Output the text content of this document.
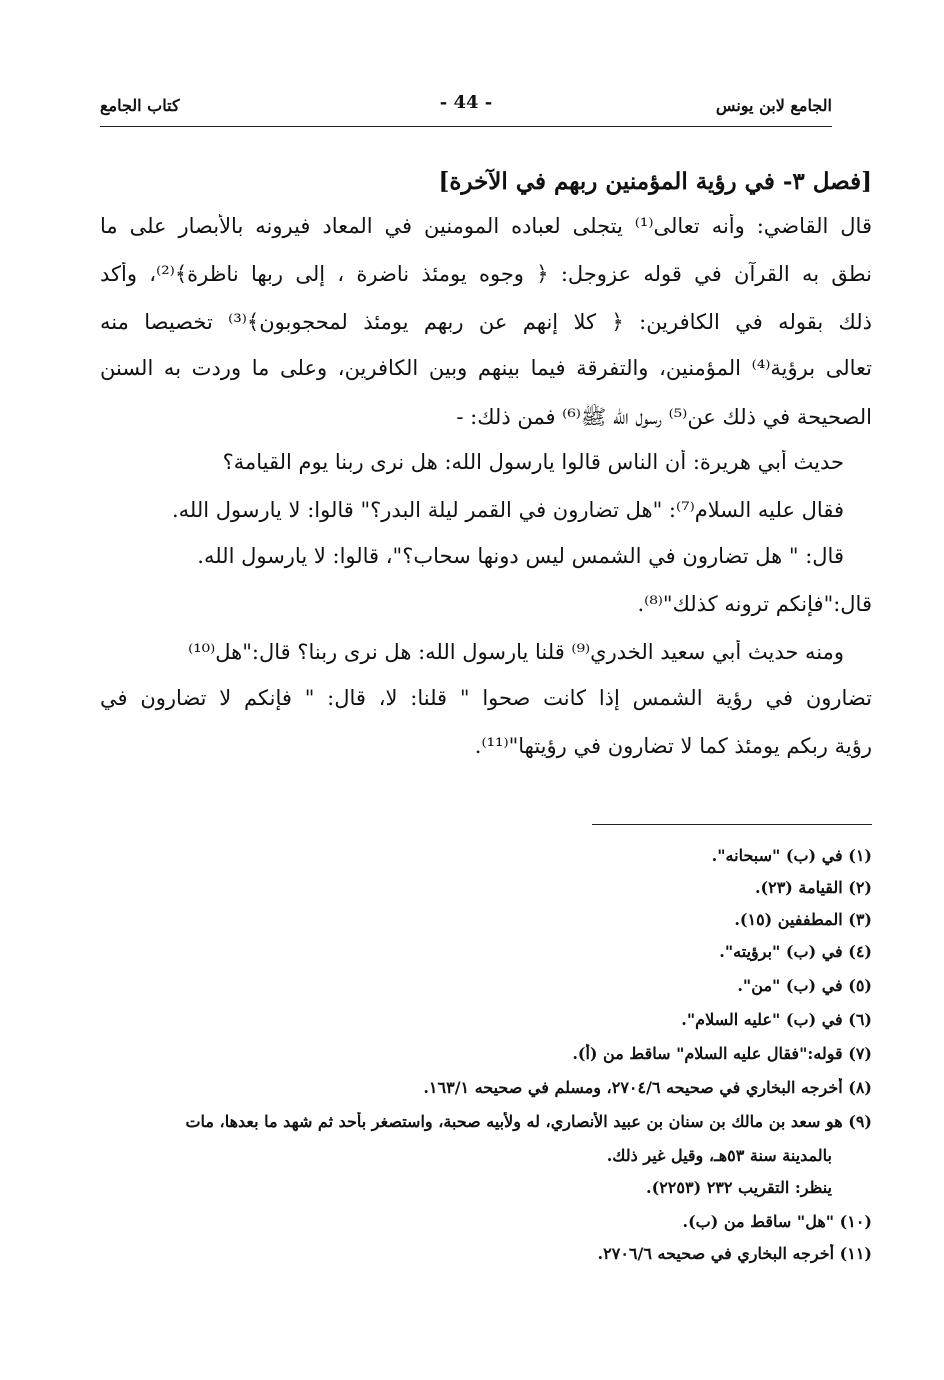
الجامع لابن يونس
- 44 -
كتاب الجامع
[فصل ٣- في رؤية المؤمنين ربهم في الآخرة]
قال القاضي: وأنه تعالى⁽¹⁾ يتجلى لعباده المومنين في المعاد فيرونه بالأبصار على ما
نطق به القرآن في قوله عزوجل: ﴿ وجوه يومئذ ناضرة ، إلى ربها ناظرة﴾⁽²⁾، وأكد
ذلك بقوله في الكافرين: ﴿ كلا إنهم عن ربهم يومئذ لمحجوبون﴾⁽³⁾ تخصيصا منه
تعالى برؤية⁽⁴⁾ المؤمنين، والتفرقة فيما بينهم وبين الكافرين، وعلى ما وردت به السنن
الصحيحة في ذلك عن⁽⁵⁾ رسول الله ﷺ⁽⁶⁾ فمن ذلك: -
حديث أبي هريرة: أن الناس قالوا يارسول الله: هل نرى ربنا يوم القيامة؟
فقال عليه السلام⁽⁷⁾: "هل تضارون في القمر ليلة البدر؟" قالوا: لا يارسول الله.
قال: " هل تضارون في الشمس ليس دونها سحاب؟"، قالوا: لا يارسول الله.
قال:"فإنكم ترونه كذلك"⁽⁸⁾.
ومنه حديث أبي سعيد الخدري⁽⁹⁾ قلنا يارسول الله: هل نرى ربنا؟ قال:"هل⁽¹⁰⁾
تضارون في رؤية الشمس إذا كانت صحوا " قلنا: لا، قال: " فإنكم لا تضارون في
رؤية ربكم يومئذ كما لا تضارون في رؤيتها"⁽¹¹⁾.
(١) في (ب) "سبحانه".
(٢) القيامة (٢٣).
(٣) المطففين (١٥).
(٤) في (ب) "برؤيته".
(٥) في (ب) "من".
(٦) في (ب) "عليه السلام".
(٧) قوله:"فقال عليه السلام" ساقط من (أ).
(٨) أخرجه البخاري في صحيحه ٢٧٠٤/٦، ومسلم في صحيحه ١٦٣/١.
(٩) هو سعد بن مالك بن سنان بن عبيد الأنصاري، له ولأبيه صحبة، واستصغر بأحد ثم شهد ما بعدها، مات
بالمدينة سنة ٥٣هـ، وقيل غير ذلك.
ينظر: التقريب ٢٣٢ (٢٢٥٣).
(١٠) "هل" ساقط من (ب).
(١١) أخرجه البخاري في صحيحه ٢٧٠٦/٦.
